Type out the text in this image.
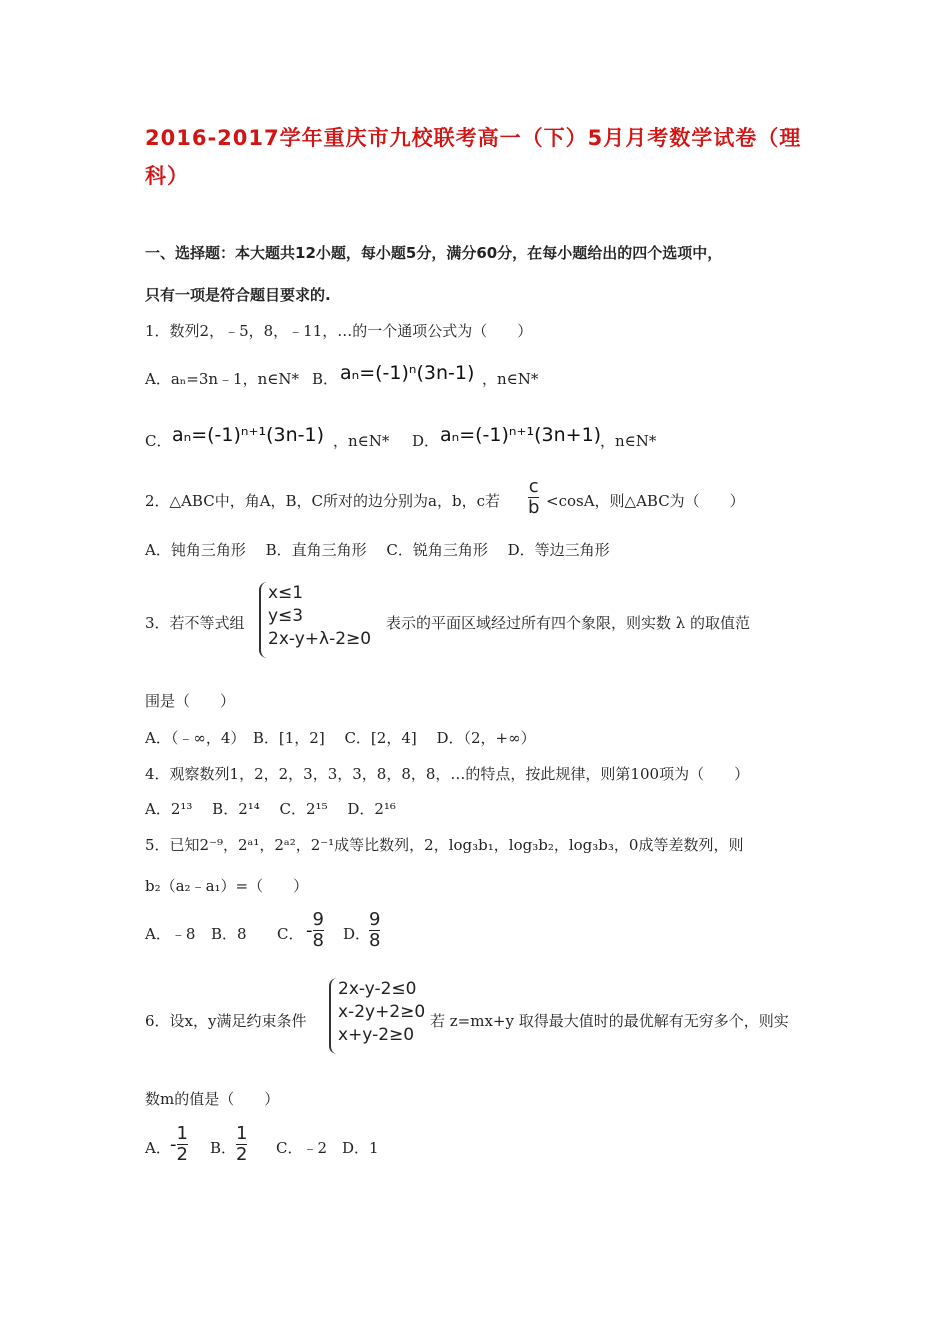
2016-2017学年重庆市九校联考高一（下）5月月考数学试卷（理
科）
一、选择题：本大题共12小题，每小题5分，满分60分，在每小题给出的四个选项中，
只有一项是符合题目要求的.
1．数列2，﹣5，8，﹣11，…的一个通项公式为（　　）
A．aₙ=3n﹣1，n∈N* B． aₙ=(-1)ⁿ(3n-1) ，n∈N*
C． aₙ=(-1)ⁿ⁺¹(3n-1) ，n∈N* D． aₙ=(-1)ⁿ⁺¹(3n+1)
，n∈N*
2．△ABC中，角A，B，C所对的边分别为a，b，c若 $\frac{c}{b} <\cos A$，则△ABC为（　　）
A．钝角三角形　 B．直角三角形　 C．锐角三角形　 D．等边三角形
3．若不等式组
x≤1
y≤3
2x-y+λ-2≥0
表示的平面区域经过所有四个象限，则实数 λ 的取值范
围是（　　）
A．（﹣∞，4）　B．[1，2]　 C．[2，4]　 D．（2，+∞）
4．观察数列1，2，2，3，3，3，8，8，8，…的特点，按此规律，则第100项为（　　）
A．2¹³　 B．2¹⁴　 C．2¹⁵　 D．2¹⁶
5．已知2⁻⁹，2ᵃ¹，2ᵃ²，2⁻¹成等比数列，2，log₃b₁，log₃b₂，log₃b₃，0成等差数列，则
b₂（a₂﹣a₁）=（　　）
A．﹣8 B．8 C． - $\frac{9}{8}$ D．
$\frac{9}{8}$
6．设x，y满足约束条件
2x-y-2≤0
x-2y+2≥0
x+y-2≥0
若 z=mx+y 取得最大值时的最优解有无穷多个，则实
数m的值是（　　）
A． - $\frac{1}{2}$ B． $\frac{1}{2}$ C．﹣2　D．1
